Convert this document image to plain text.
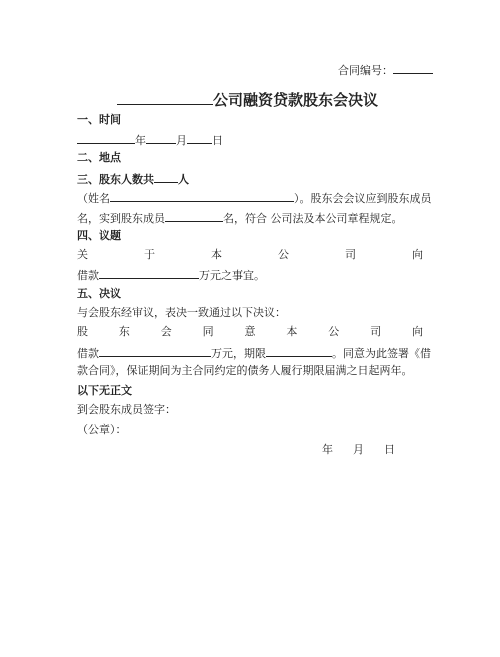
合同编号：
公司融资贷款股东会决议
一、时间
年	月 日
二、地点
三、股东人数共 人
（姓名	）。股东会会议应到股东成员
名，实到股东成员	名，符合 公司法及本公司章程规定。
四、议题
关	于	本	公	司	向
借款	万元之事宜。
五、决议
与会股东经审议，表决一致通过以下决议：
股	东	会	同	意	本	公	司	向
借款	万元，期限	。同意为此签署《借
款合同》，保证期间为主合同约定的债务人履行期限届满之日起两年。
以下无正文
到会股东成员签字：
（公章）：
年 月 日
